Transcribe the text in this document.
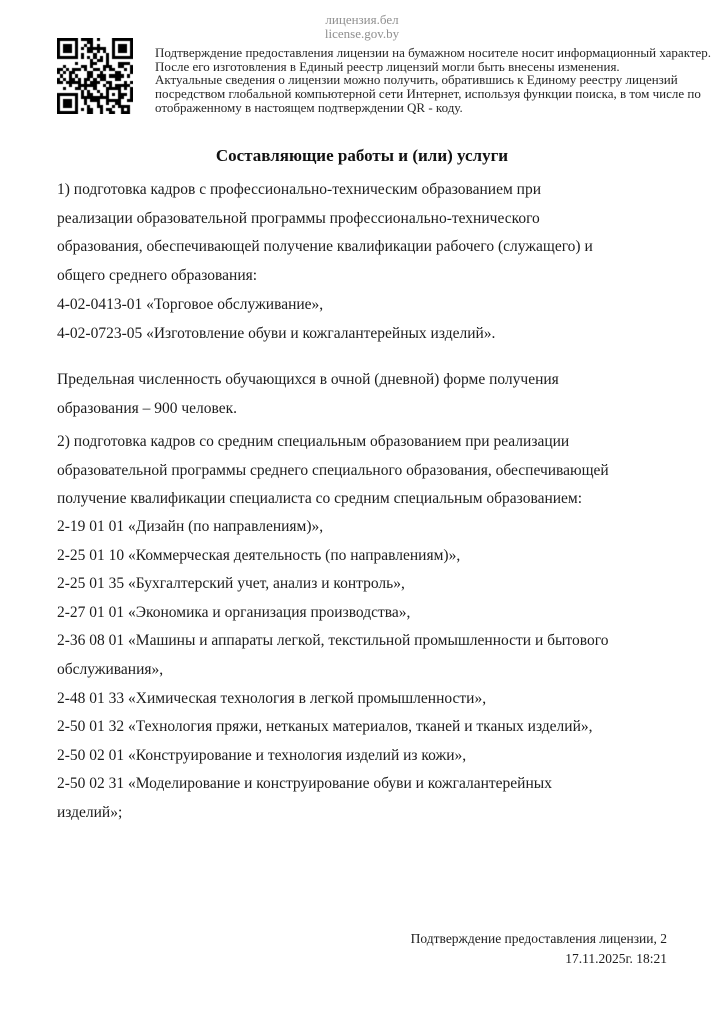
лицензия.бел
license.gov.by
Подтверждение предоставления лицензии на бумажном носителе носит информационный характер.
После его изготовления в Единый реестр лицензий могли быть внесены изменения.
Актуальные сведения о лицензии можно получить, обратившись к Единому реестру лицензий
посредством глобальной компьютерной сети Интернет, используя функции поиска, в том числе по
отображенному в настоящем подтверждении QR - коду.
Составляющие работы и (или) услуги
1) подготовка кадров с профессионально-техническим образованием при
реализации образовательной программы профессионально-технического
образования, обеспечивающей получение квалификации рабочего (служащего) и
общего среднего образования:
4-02-0413-01 «Торговое обслуживание»,
4-02-0723-05 «Изготовление обуви и кожгалантерейных изделий».
Предельная численность обучающихся в очной (дневной) форме получения
образования – 900 человек.
2) подготовка кадров со средним специальным образованием при реализации
образовательной программы среднего специального образования, обеспечивающей
получение квалификации специалиста со средним специальным образованием:
2-19 01 01 «Дизайн (по направлениям)»,
2-25 01 10 «Коммерческая деятельность (по направлениям)»,
2-25 01 35 «Бухгалтерский учет, анализ и контроль»,
2-27 01 01 «Экономика и организация производства»,
2-36 08 01 «Машины и аппараты легкой, текстильной промышленности и бытового
обслуживания»,
2-48 01 33 «Химическая технология в легкой промышленности»,
2-50 01 32 «Технология пряжи, нетканых материалов, тканей и тканых изделий»,
2-50 02 01 «Конструирование и технология изделий из кожи»,
2-50 02 31 «Моделирование и конструирование обуви и кожгалантерейных
изделий»;
Подтверждение предоставления лицензии, 2
17.11.2025г. 18:21
